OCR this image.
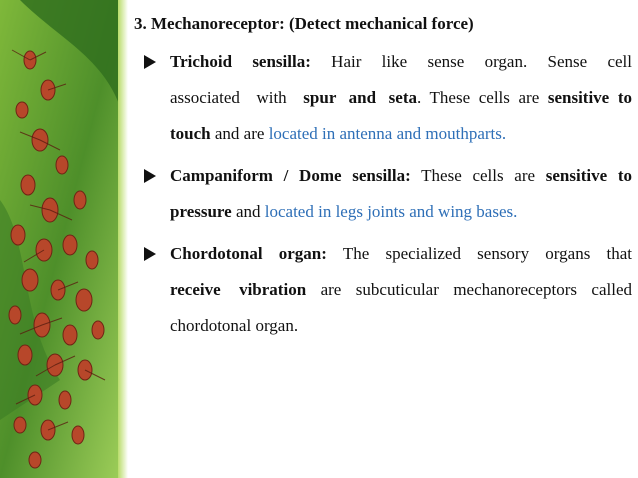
3. Mechanoreceptor: (Detect mechanical force)
Trichoid sensilla: Hair like sense organ. Sense cell associated with spur and seta. These cells are sensitive to touch and are located in antenna and mouthparts.
Campaniform / Dome sensilla: These cells are sensitive to pressure and located in legs joints and wing bases.
Chordotonal organ: The specialized sensory organs that receive vibration are subcuticular mechanoreceptors called chordotonal organ.
